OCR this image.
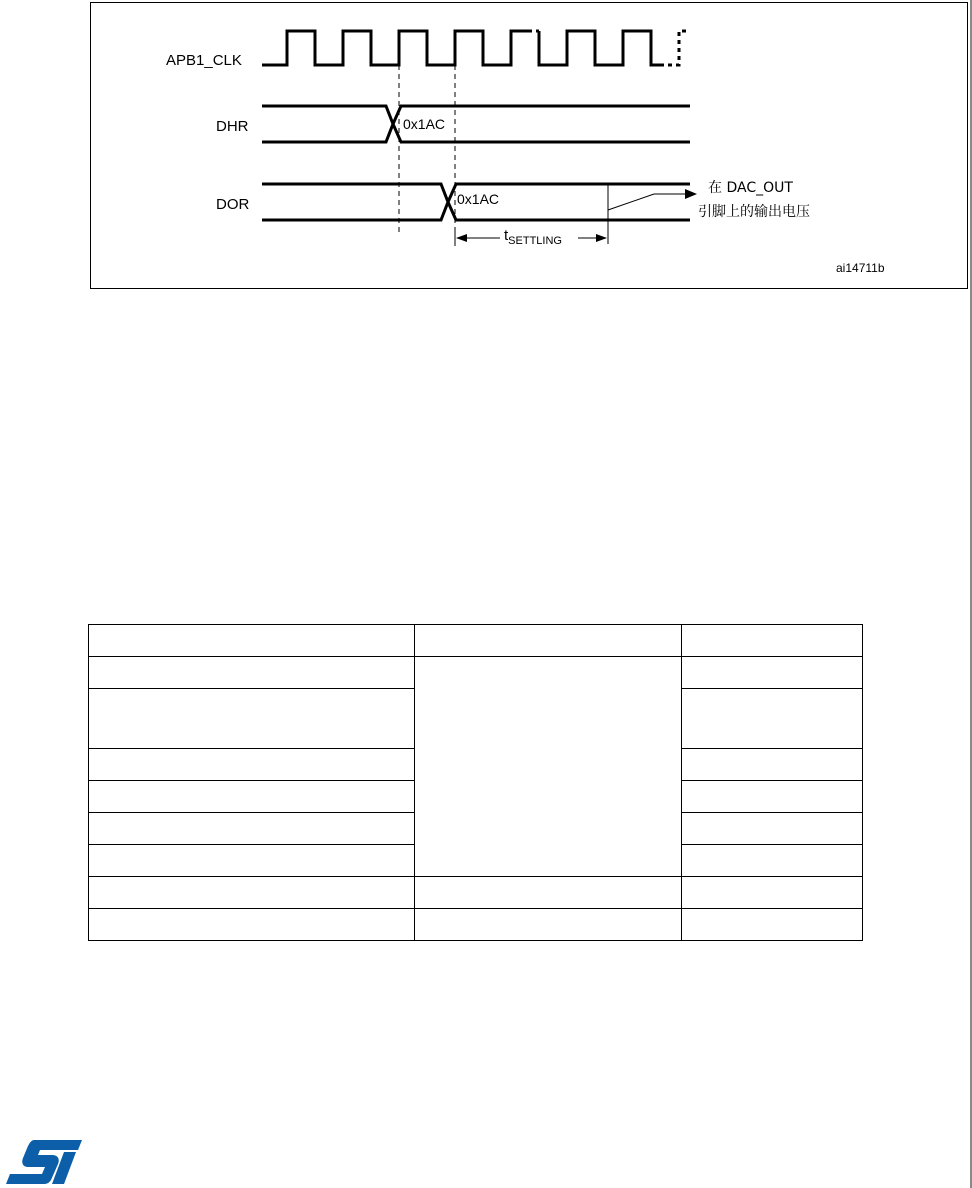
APB1_CLK
DHR	0x1AC
DOR	0x1AC
在 DAC_OUT
引脚上的输出电压
$t_{SETTLING}$
ai14711b
